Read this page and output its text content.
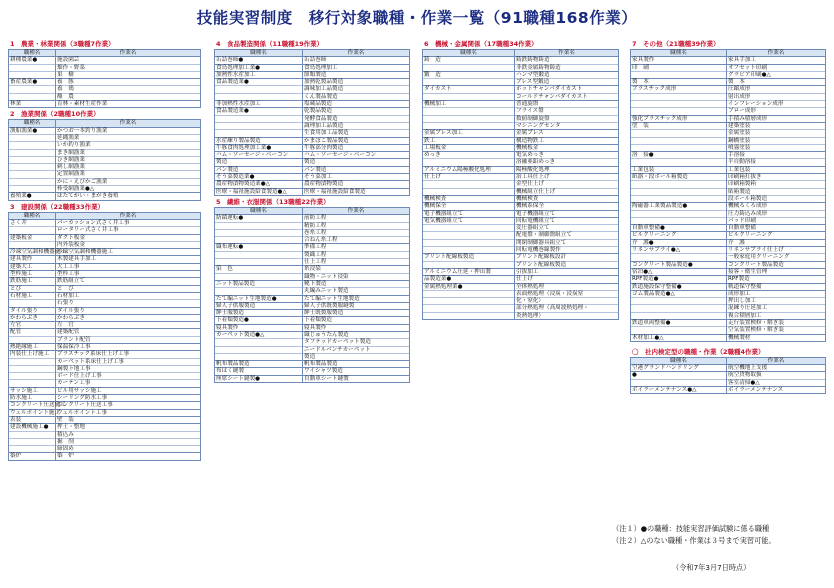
技能実習制度　移行対象職種・作業一覧（91職種168作業）
1　農業・林業関係（3職種7作業）
職種名	作業名
耕種農業●	施設園芸
	畑作・野菜
	果　樹
畜産農業●	養　豚
	養　鶏
	酪　農
林業	育林・素材生産作業
2　漁業関係（2職種10作業）
職種名	作業名
漁船漁業●	かつお一本釣り漁業
	延縄漁業
	いか釣り漁業
	まき網漁業
	ひき網漁業
	刺し網漁業
	定置網漁業
	かに・えびかご漁業
	棒受網漁業●△
養殖業●	ほたてがい・まがき養殖
3　建設関係（22職種33作業）
職種名	作業名
さく井	パーカッション式さく井工事
	ロータリー式さく井工事
建築板金	ダクト板金
	内外装板金
冷凍空気調和機器施工	冷凍空気調和機器施工
建具製作	木製建具手加工
建築大工	大工工事
型枠施工	型枠工事
鉄筋施工	鉄筋組立て
とび	と　び
石材施工	石材加工
	石張り
タイル張り	タイル張り
かわらぶき	かわらぶき
左官	左　官
配管	建築配管
	プラント配管
熱絶縁施工	保温保冷工事
内装仕上げ施工	プラスチック系床仕上げ工事
	カーペット系床仕上げ工事
	鋼製下地工事
	ボード仕上げ工事
	カーテン工事
サッシ施工	ビル用サッシ施工
防水施工	シーリング防水工事
コンクリート圧送施工	コンクリート圧送工事
ウェルポイント施工	ウェルポイント工事
表装	壁　装
建設機械施工●	押土・整地
	積込み
	掘　削
	締固め
築炉	築　炉
4　食品製造関係（11職種19作業）
職種名	作業名
缶詰巻締●	缶詰巻締
食鳥処理加工業●	食鳥処理加工
加熱性水産加工	節類製造
食品製造業●	加熱乾製品製造
	調味加工品製造
	くん製品製造
非加熱性水産加工	塩蔵品製造
食品製造業●	乾製品製造
	発酵食品製造
	調理加工品製造
	生食用加工品製造
水産練り製品製造	かまぼこ製品製造
牛豚食肉処理加工業●	牛豚部分肉製造
ハム・ソーセージ・ベーコン	ハム・ソーセージ・ベーコン
製造	製造
パン製造	パン製造
そう菜製造業●	そう菜加工
農産物漬物製造業●△	農産物漬物製造
医療・福祉施設給食製造●△	医療・福祉施設給食製造
5　繊維・衣服関係（13職種22作業）
職種名	作業名
紡績運転●	前紡工程
	精紡工程
	巻糸工程
	合ねん糸工程
織布運転●	準備工程
	製織工程
	仕上工程
染　色	糸浸染
	織物・ニット浸染
ニット製品製造	靴下製造
	丸編みニット製造
たて編ニット生地製造●	たて編ニット生地製造
婦人子供服製造	婦人子供既製服縫製
紳士服製造	紳士既製服製造
下着類製造●	下着類製造
寝具製作	寝具製作
カーペット製造●△	織じゅうたん製造
	タフテッドカーペット製造
	ニードルパンチカーペット
	製造
帆布製品製造	帆布製品製造
布はく縫製	ワイシャツ製造
座席シート縫製●	自動車シート縫製
6　機械・金属関係（17職種34作業）
職種名	作業名
鋳　造	鋳鉄鋳物鋳造
	非鉄金属鋳物鋳造
鍛　造	ハンマ型鍛造
	プレス型鍛造
ダイカスト	ホットチャンバダイカスト
	コールドチャンバダイカスト
機械加工	普通旋盤
	フライス盤
	数値制御旋盤
	マシニングセンタ
金属プレス加工	金属プレス
鉄工	構造物鉄工
工場板金	機械板金
めっき	電気めっき
	溶融亜鉛めっき
アルミニウム陽極酸化処理	陽極酸化処理
仕上げ	治工具仕上げ
	金型仕上げ
	機械組立仕上げ
機械検査	機械検査
機械保全	機械系保全
電子機器組立て	電子機器組立て
電気機器組立て	回転電機組立て
	変圧器組立て
	配電盤・制御盤組立て
	開閉制御器具組立て
	回転電機巻線製作
プリント配線板製造	プリント配線板設計
	プリント配線板製造
アルミニウム圧延・押出製	引抜加工
品製造業●	仕上げ
金属熱処理業●	全体熱処理
	表面熱処理（浸炭・浸炭窒
	化・窒化）
	部分熱処理（高周波熱処理・
	炎熱処理）
7　その他（21職種39作業）
職種名	作業名
家具製作	家具手加工
印　刷	オフセット印刷
	グラビア印刷●△
製　本	製　本
プラスチック成形	圧縮成形
	射出成形
	インフレーション成形
	ブロー成形
強化プラスチック成形	手積み積層成形
塗　装	建築塗装
	金属塗装
	鋼橋塗装
	噴霧塗装
溶　接●	手溶接
	半自動溶接
工業包装	工業包装
紙器・段ボール箱製造	印刷箱打抜き
	印刷箱製箱
	貼箱製造
	段ボール箱製造
陶磁器工業製品製造●	機械ろくろ成形
	圧力鋳込み成形
	パッド印刷
自動車整備●	自動車整備
ビルクリーニング	ビルクリーニング
介　護●	介　護
リネンサプライ●△	リネンサプライ仕上げ
	一般家庭用クリーニング
コンクリート製品製造●	コンクリート製品製造
宿泊●△	接客・衛生管理
RPF製造●	RPF製造
鉄道施設保守整備●	軌道保守整備
ゴム製品製造●△	成形加工
	押出し加工
	混練り圧延加工
	複合積層加工
鉄道車両整備●	走行装置検修・解ぎ装
	空気装置検修・解ぎ装
木材加工●△	機械製材
〇　社内検定型の職種・作業（2職種4作業）
職種名	作業名
空港グランドハンドリング	航空機地上支援
●	航空貨物取扱
	客室清掃●△
ボイラーメンテナンス●△	ボイラーメンテナンス
（注１）●の職種：技能実習評価試験に係る職種
（注２）△のない職種・作業は３号まで実習可能。
（令和7年3月7日時点）
